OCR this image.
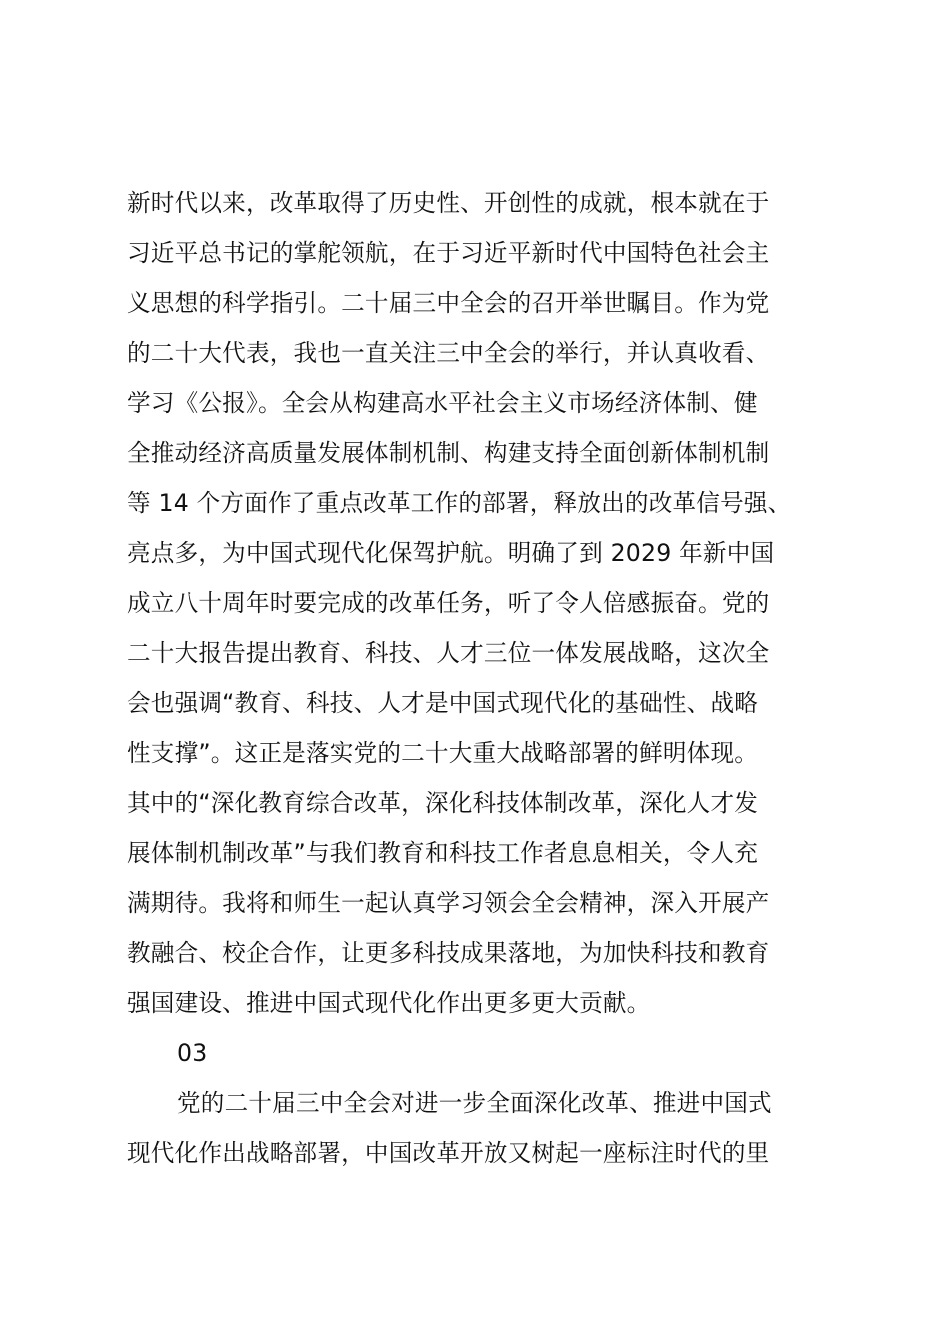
新时代以来，改革取得了历史性、开创性的成就，根本就在于
习近平总书记的掌舵领航，在于习近平新时代中国特色社会主
义思想的科学指引。二十届三中全会的召开举世瞩目。作为党
的二十大代表，我也一直关注三中全会的举行，并认真收看、
学习《公报》。全会从构建高水平社会主义市场经济体制、健
全推动经济高质量发展体制机制、构建支持全面创新体制机制
等 14 个方面作了重点改革工作的部署，释放出的改革信号强、
亮点多，为中国式现代化保驾护航。明确了到 2029 年新中国
成立八十周年时要完成的改革任务，听了令人倍感振奋。党的
二十大报告提出教育、科技、人才三位一体发展战略，这次全
会也强调“教育、科技、人才是中国式现代化的基础性、战略
性支撑”。这正是落实党的二十大重大战略部署的鲜明体现。
其中的“深化教育综合改革，深化科技体制改革，深化人才发
展体制机制改革”与我们教育和科技工作者息息相关，令人充
满期待。我将和师生一起认真学习领会全会精神，深入开展产
教融合、校企合作，让更多科技成果落地，为加快科技和教育
强国建设、推进中国式现代化作出更多更大贡献。
03
党的二十届三中全会对进一步全面深化改革、推进中国式
现代化作出战略部署，中国改革开放又树起一座标注时代的里
